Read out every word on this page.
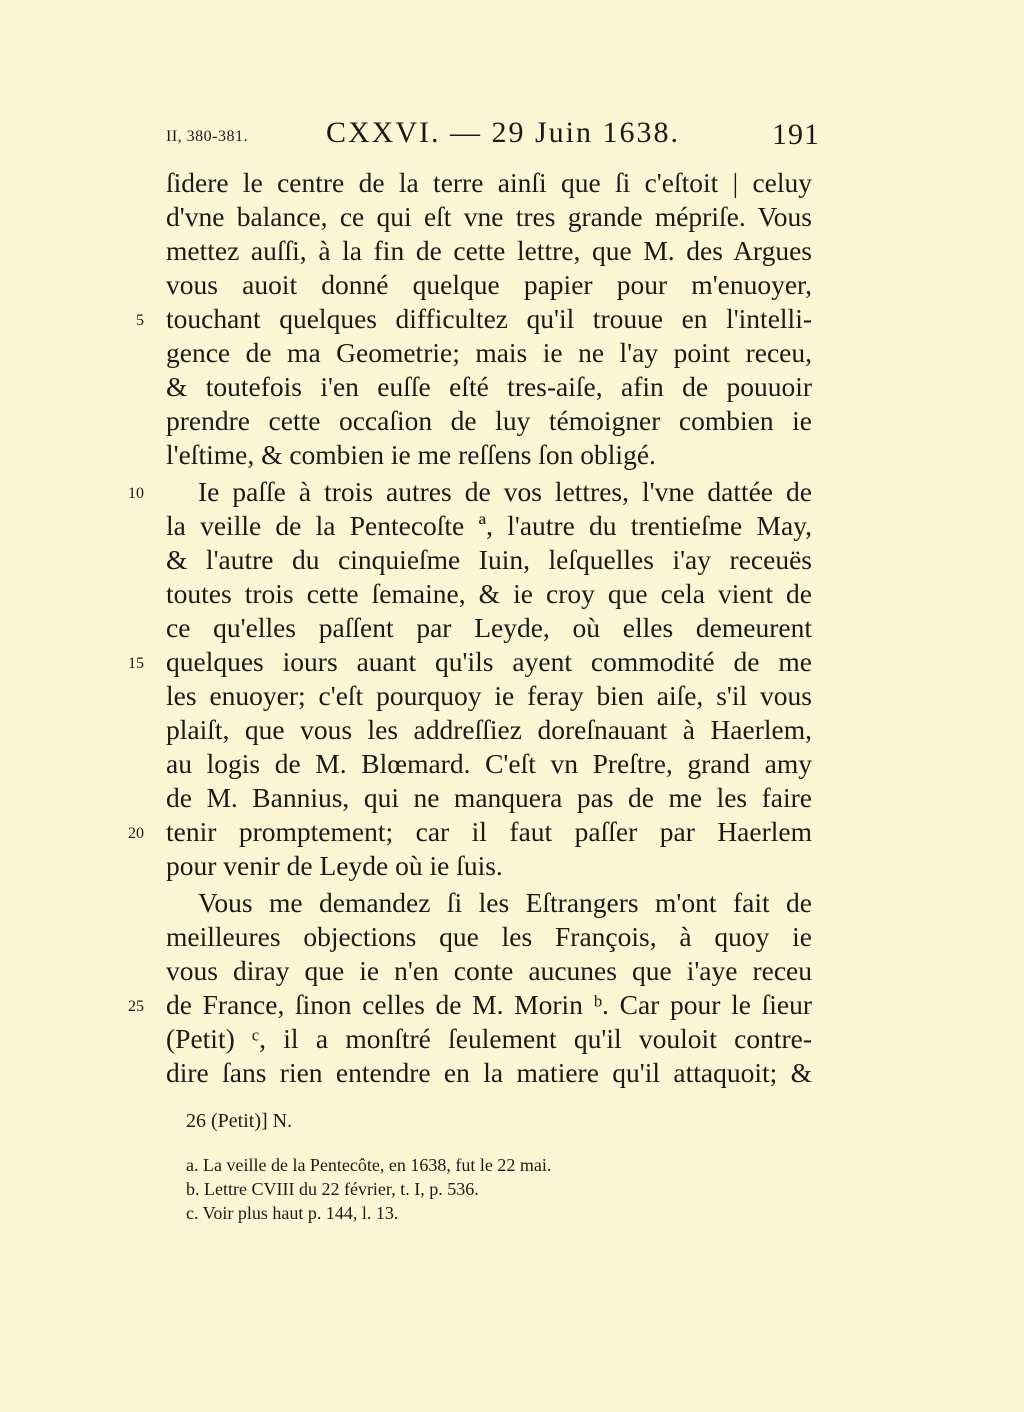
II, 380-381.	CXXVI. — 29 Juin 1638.	191
ſidere le centre de la terre ainſi que ſi c'eſtoit | celuy
d'vne balance, ce qui eſt vne tres grande mépriſe. Vous
mettez auſſi, à la fin de cette lettre, que M. des Argues
vous auoit donné quelque papier pour m'enuoyer,
touchant quelques difficultez qu'il trouue en l'intelli-
gence de ma Geometrie; mais ie ne l'ay point receu,
& toutefois i'en euſſe eſté tres-aiſe, afin de pouuoir
prendre cette occaſion de luy témoigner combien ie
l'eſtime, & combien ie me reſſens ſon obligé.
Ie paſſe à trois autres de vos lettres, l'vne dattée de
la veille de la Pentecoſte ª, l'autre du trentieſme May,
& l'autre du cinquieſme Iuin, leſquelles i'ay receuës
toutes trois cette ſemaine, & ie croy que cela vient de
ce qu'elles paſſent par Leyde, où elles demeurent
quelques iours auant qu'ils ayent commodité de me
les enuoyer; c'eſt pourquoy ie feray bien aiſe, s'il vous
plaiſt, que vous les addreſſiez doreſnauant à Haerlem,
au logis de M. Blœmard. C'eſt vn Preſtre, grand amy
de M. Bannius, qui ne manquera pas de me les faire
tenir promptement; car il faut paſſer par Haerlem
pour venir de Leyde où ie ſuis.
Vous me demandez ſi les Eſtrangers m'ont fait de
meilleures objections que les François, à quoy ie
vous diray que ie n'en conte aucunes que i'aye receu
de France, ſinon celles de M. Morin ᵇ. Car pour le ſieur
(Petit) ᶜ, il a monſtré ſeulement qu'il vouloit contre-
dire ſans rien entendre en la matiere qu'il attaquoit; &
5
10
15
20
25
26 (Petit)] N.
a. La veille de la Pentecôte, en 1638, fut le 22 mai.
b. Lettre CVIII du 22 février, t. I, p. 536.
c. Voir plus haut p. 144, l. 13.
